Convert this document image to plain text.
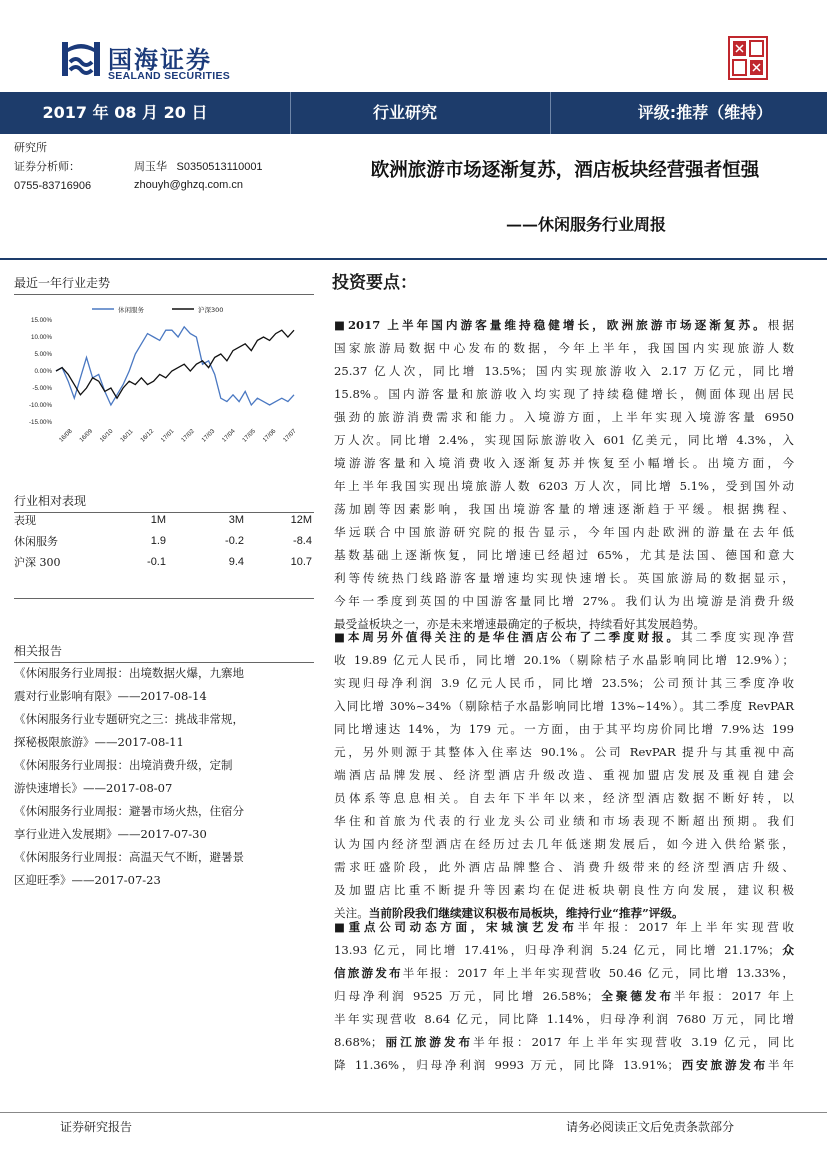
国海证券
SEALAND SECURITIES
2017 年 08 月 20 日	行业研究	评级:推荐（维持）
研究所
证券分析师：	周玉华 S0350513110001
0755-83716906	zhouyh@ghzq.com.cn
欧洲旅游市场逐渐复苏，酒店板块经营强者恒强
——休闲服务行业周报
最近一年行业走势
休闲服务	沪深300
15.00%
10.00%
5.00%
0.00%
-5.00%
-10.00%
-15.00%
16/08 16/09 16/10 16/11 16/12 17/01 17/02 17/03 17/04 17/05 17/06 17/07
行业相对表现
表现	1M	3M	12M
休闲服务	1.9	-0.2	-8.4
沪深 300	-0.1	9.4	10.7
相关报告
《休闲服务行业周报：出境数据火爆，九寨地
震对行业影响有限》——2017-08-14
《休闲服务行业专题研究之三：挑战非常规，
探秘极限旅游》——2017-08-11
《休闲服务行业周报：出境消费升级，定制
游快速增长》——2017-08-07
《休闲服务行业周报：避暑市场火热，住宿分
享行业进入发展期》——2017-07-30
《休闲服务行业周报：高温天气不断，避暑景
区迎旺季》——2017-07-23
投资要点：
■2017 上半年国内游客量维持稳健增长，欧洲旅游市场逐渐复苏。根据
国家旅游局数据中心发布的数据，今年上半年，我国国内实现旅游人数
25.37 亿人次，同比增 13.5%；国内实现旅游收入 2.17 万亿元，同比增
15.8%。国内游客量和旅游收入均实现了持续稳健增长，侧面体现出居民
强劲的旅游消费需求和能力。入境游方面，上半年实现入境游客量 6950
万人次。同比增 2.4%，实现国际旅游收入 601 亿美元，同比增 4.3%，入
境游游客量和入境消费收入逐渐复苏并恢复至小幅增长。出境方面，今
年上半年我国实现出境旅游人数 6203 万人次，同比增 5.1%，受到国外动
荡加剧等因素影响，我国出境游客量的增速逐渐趋于平缓。根据携程、
华远联合中国旅游研究院的报告显示，今年国内赴欧洲的游量在去年低
基数基础上逐渐恢复，同比增速已经超过 65%，尤其是法国、德国和意大
利等传统热门线路游客量增速均实现快速增长。英国旅游局的数据显示，
今年一季度到英国的中国游客量同比增 27%。我们认为出境游是消费升级
最受益板块之一，亦是未来增速最确定的子板块，持续看好其发展趋势。
■本周另外值得关注的是华住酒店公布了二季度财报。其二季度实现净营
收 19.89 亿元人民币，同比增 20.1%（剔除桔子水晶影响同比增 12.9%）；
实现归母净利润 3.9 亿元人民币，同比增 23.5%；公司预计其三季度净收
入同比增 30%~34%（剔除桔子水晶影响同比增 13%~14%）。其二季度 RevPAR
同比增速达 14%，为 179 元。一方面，由于其平均房价同比增 7.9%达 199
元，另外则源于其整体入住率达 90.1%。公司 RevPAR 提升与其重视中高
端酒店品牌发展、经济型酒店升级改造、重视加盟店发展及重视自建会
员体系等息息相关。自去年下半年以来，经济型酒店数据不断好转，以
华住和首旅为代表的行业龙头公司业绩和市场表现不断超出预期。我们
认为国内经济型酒店在经历过去几年低迷期发展后，如今进入供给紧张，
需求旺盛阶段，此外酒店品牌整合、消费升级带来的经济型酒店升级、
及加盟店比重不断提升等因素均在促进板块朝良性方向发展，建议积极
关注。当前阶段我们继续建议积极布局板块，维持行业“推荐”评级。
■重点公司动态方面，宋城演艺发布半年报：2017 年上半年实现营收
13.93 亿元，同比增 17.41%，归母净利润 5.24 亿元，同比增 21.17%；众
信旅游发布半年报：2017 年上半年实现营收 50.46 亿元，同比增 13.33%，
归母净利润 9525 万元，同比增 26.58%；全聚德发布半年报：2017 年上
半年实现营收 8.64 亿元，同比降 1.14%，归母净利润 7680 万元，同比增
8.68%；丽江旅游发布半年报：2017 年上半年实现营收 3.19 亿元，同比
降 11.36%，归母净利润 9993 万元，同比降 13.91%；西安旅游发布半年
证券研究报告	请务必阅读正文后免责条款部分
